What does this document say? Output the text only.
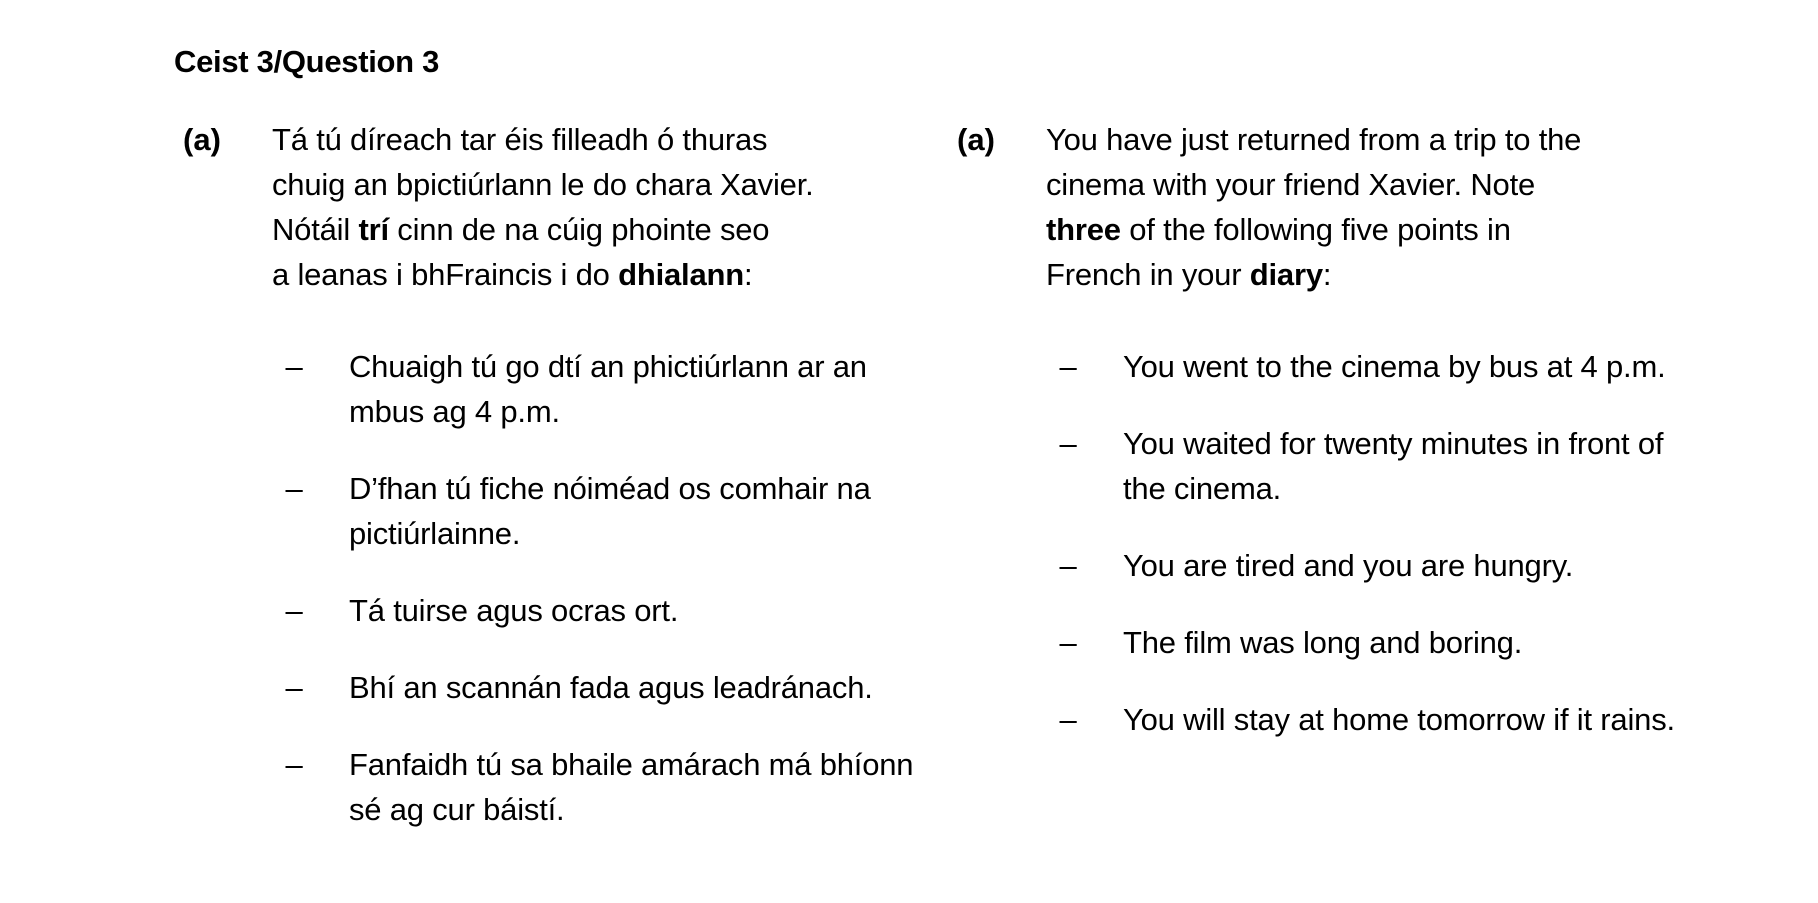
Ceist 3/Question 3
(a) Tá tú díreach tar éis filleadh ó thuras
chuig an bpictiúrlann le do chara Xavier.
Nótáil trí cinn de na cúig phointe seo
a leanas i bhFraincis i do dhialann:
– Chuaigh tú go dtí an phictiúrlann ar an mbus ag 4 p.m.
– D’fhan tú fiche nóiméad os comhair na pictiúrlainne.
– Tá tuirse agus ocras ort.
– Bhí an scannán fada agus leadránach.
– Fanfaidh tú sa bhaile amárach má bhíonn sé ag cur báistí.
(a) You have just returned from a trip to the
cinema with your friend Xavier. Note
three of the following five points in
French in your diary:
– You went to the cinema by bus at 4 p.m.
– You waited for twenty minutes in front of the cinema.
– You are tired and you are hungry.
– The film was long and boring.
– You will stay at home tomorrow if it rains.
